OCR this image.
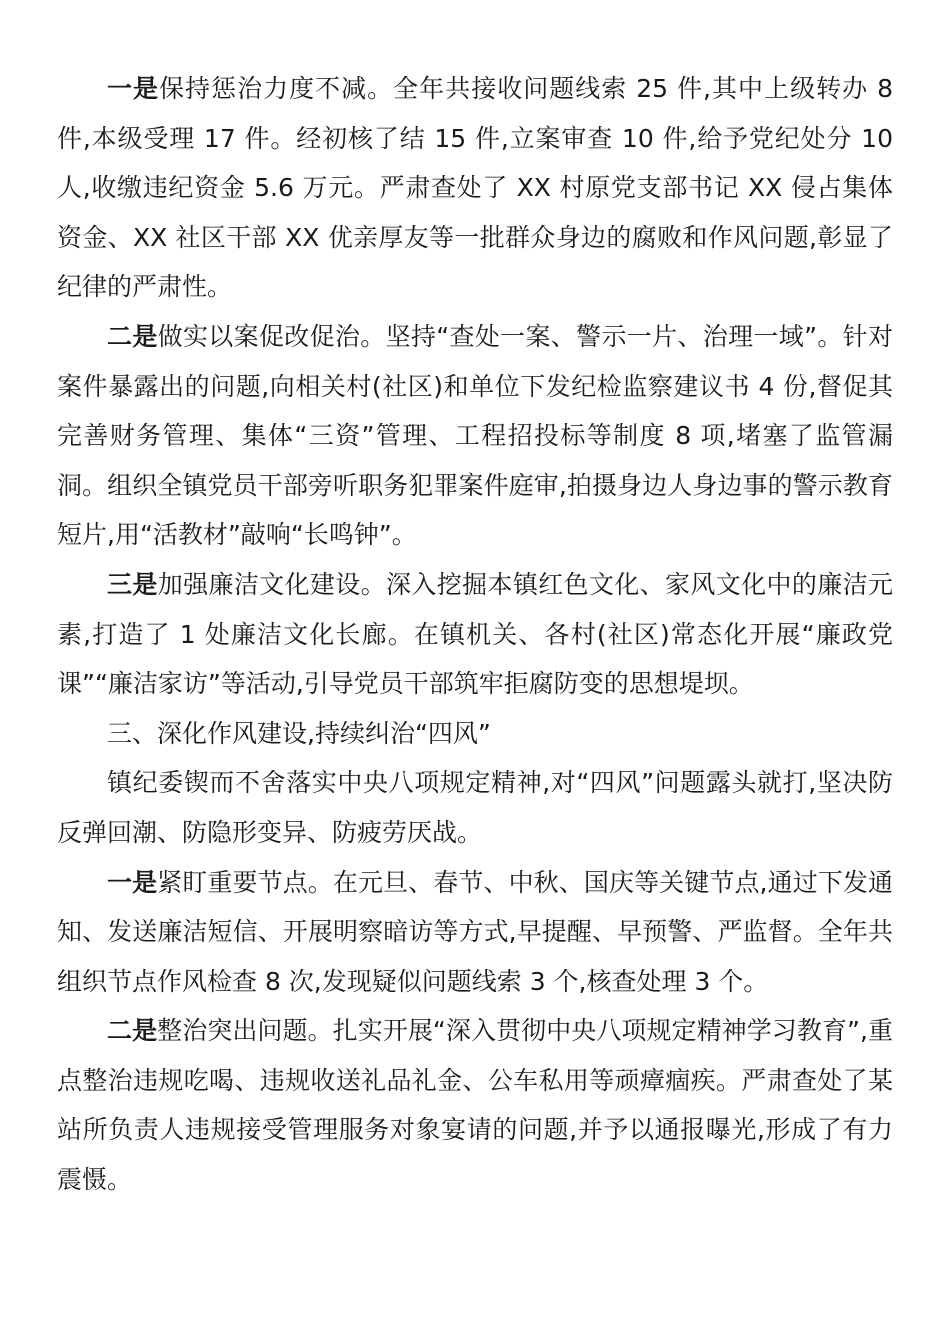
一是保持惩治力度不减。全年共接收问题线索 25 件,其中上级转办 8 件,本级受理 17 件。经初核了结 15 件,立案审查 10 件,给予党纪处分 10 人,收缴违纪资金 5.6 万元。严肃查处了 XX 村原党支部书记 XX 侵占集体资金、XX 社区干部 XX 优亲厚友等一批群众身边的腐败和作风问题,彰显了纪律的严肃性。

二是做实以案促改促治。坚持“查处一案、警示一片、治理一域”。针对案件暴露出的问题,向相关村(社区)和单位下发纪检监察建议书 4 份,督促其完善财务管理、集体“三资”管理、工程招投标等制度 8 项,堵塞了监管漏洞。组织全镇党员干部旁听职务犯罪案件庭审,拍摄身边人身边事的警示教育短片,用“活教材”敲响“长鸣钟”。

三是加强廉洁文化建设。深入挖掘本镇红色文化、家风文化中的廉洁元素,打造了 1 处廉洁文化长廊。在镇机关、各村(社区)常态化开展“廉政党课”“廉洁家访”等活动,引导党员干部筑牢拒腐防变的思想堤坝。

三、深化作风建设,持续纠治“四风”

镇纪委锲而不舍落实中央八项规定精神,对“四风”问题露头就打,坚决防反弹回潮、防隐形变异、防疲劳厌战。

一是紧盯重要节点。在元旦、春节、中秋、国庆等关键节点,通过下发通知、发送廉洁短信、开展明察暗访等方式,早提醒、早预警、严监督。全年共组织节点作风检查 8 次,发现疑似问题线索 3 个,核查处理 3 个。

二是整治突出问题。扎实开展“深入贯彻中央八项规定精神学习教育”,重点整治违规吃喝、违规收送礼品礼金、公车私用等顽瘴痼疾。严肃查处了某站所负责人违规接受管理服务对象宴请的问题,并予以通报曝光,形成了有力震慑。
